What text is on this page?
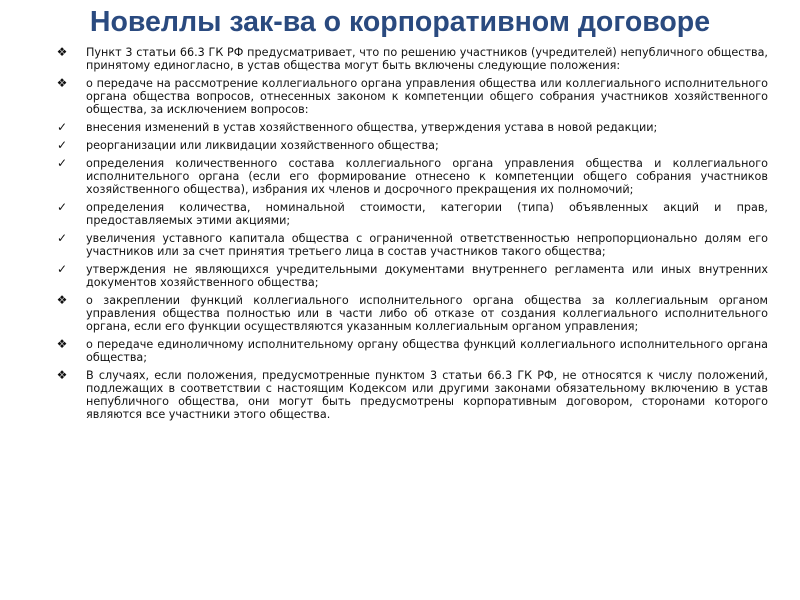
Новеллы зак-ва о корпоративном договоре
❖ Пункт 3 статьи 66.3 ГК РФ предусматривает, что по решению участников (учредителей) непубличного общества, принятому единогласно, в устав общества могут быть включены следующие положения:
❖ о передаче на рассмотрение коллегиального органа управления общества или коллегиального исполнительного органа общества вопросов, отнесенных законом к компетенции общего собрания участников хозяйственного общества, за исключением вопросов:
✓ внесения изменений в устав хозяйственного общества, утверждения устава в новой редакции;
✓ реорганизации или ликвидации хозяйственного общества;
✓ определения количественного состава коллегиального органа управления общества и коллегиального исполнительного органа (если его формирование отнесено к компетенции общего собрания участников хозяйственного общества), избрания их членов и досрочного прекращения их полномочий;
✓ определения количества, номинальной стоимости, категории (типа) объявленных акций и прав, предоставляемых этими акциями;
✓ увеличения уставного капитала общества с ограниченной ответственностью непропорционально долям его участников или за счет принятия третьего лица в состав участников такого общества;
✓ утверждения не являющихся учредительными документами внутреннего регламента или иных внутренних документов хозяйственного общества;
❖ о закреплении функций коллегиального исполнительного органа общества за коллегиальным органом управления общества полностью или в части либо об отказе от создания коллегиального исполнительного органа, если его функции осуществляются указанным коллегиальным органом управления;
❖ о передаче единоличному исполнительному органу общества функций коллегиального исполнительного органа общества;
❖ В случаях, если положения, предусмотренные пунктом 3 статьи 66.3 ГК РФ, не относятся к числу положений, подлежащих в соответствии с настоящим Кодексом или другими законами обязательному включению в устав непубличного общества, они могут быть предусмотрены корпоративным договором, сторонами которого являются все участники этого общества.
